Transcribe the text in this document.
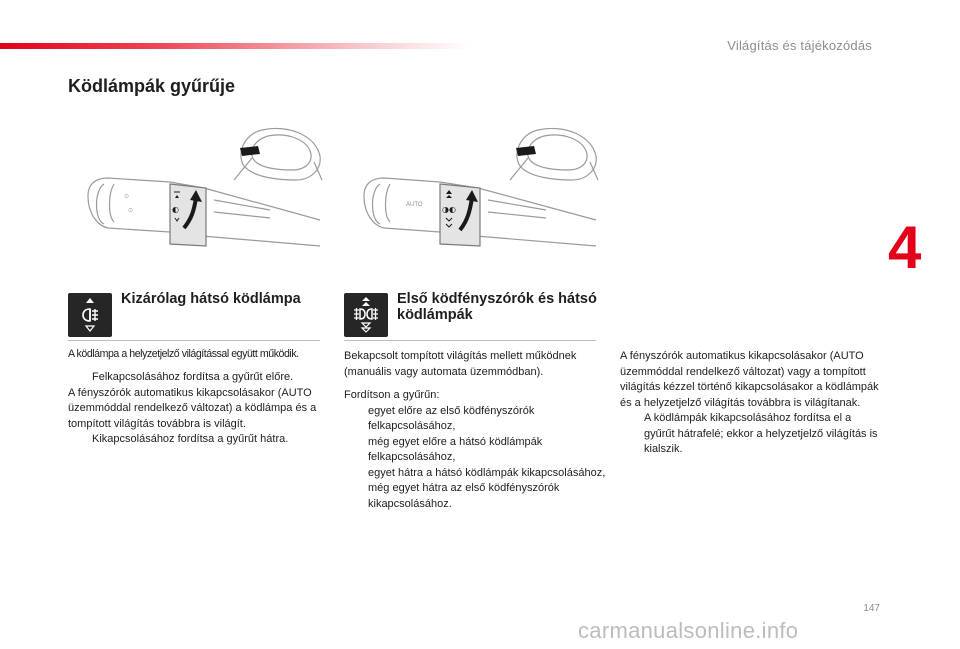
Világítás és tájékozódás
4
Ködlámpák gyűrűje
⊙
⊙	◐	AUTO ◑◐
Kizárólag hátsó ködlámpa	Első ködfényszórók és hátsó ködlámpák
A ködlámpa a helyzetjelző világítással együtt működik.

Felkapcsolásához fordítsa a gyűrűt előre.

A fényszórók automatikus kikapcsolásakor (AUTO üzemmóddal rendelkező változat) a ködlámpa és a tompított világítás továbbra is világít.

Kikapcsolásához fordítsa a gyűrűt hátra.

Bekapcsolt tompított világítás mellett működnek (manuális vagy automata üzemmódban).

Fordítson a gyűrűn:

egyet előre az első ködfényszórók felkapcsolásához,

még egyet előre a hátsó ködlámpák felkapcsolásához,

egyet hátra a hátsó ködlámpák kikapcsolásához,

még egyet hátra az első ködfényszórók kikapcsolásához.

A fényszórók automatikus kikapcsolásakor (AUTO üzemmóddal rendelkező változat) vagy a tompított világítás kézzel történő kikapcsolásakor a ködlámpák és a helyzetjelző világítás továbbra is világítanak.

A ködlámpák kikapcsolásához fordítsa el a gyűrűt hátrafelé; ekkor a helyzetjelző világítás is kialszik.

147
carmanualsonline.info
